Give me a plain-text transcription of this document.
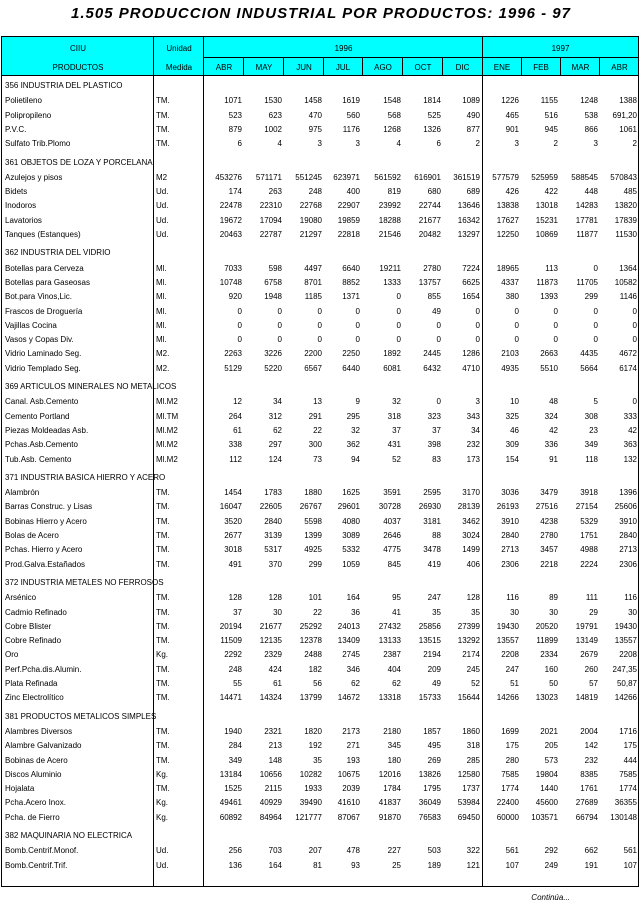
1.505 PRODUCCION INDUSTRIAL POR PRODUCTOS: 1996 - 97
CIIU
PRODUCTOS
Unidad
Medida
1996	1997
ABR	MAY	JUN	JUL	AGO	OCT	DIC	ENE	FEB	MAR	ABR
356 INDUSTRIA DEL PLASTICO
Polietileno	TM.	1071	1530	1458	1619	1548	1814	1089	1226	1155	1248	1388
Polipropileno	TM.	523	623	470	560	568	525	490	465	516	538	691,20
P.V.C.	TM.	879	1002	975	1176	1268	1326	877	901	945	866	1061
Sulfato Trib.Plomo	TM.	6	4	3	3	4	6	2	3	2	3	2
361 OBJETOS DE LOZA Y PORCELANA
Azulejos y pisos	M2	453276	571171	551245	623971	561592	616901	361519	577579	525959	588545	570843
Bidets	Ud.	174	263	248	400	819	680	689	426	422	448	485
Inodoros	Ud.	22478	22310	22768	22907	23992	22744	13646	13838	13018	14283	13820
Lavatorios	Ud.	19672	17094	19080	19859	18288	21677	16342	17627	15231	17781	17839
Tanques (Estanques)	Ud.	20463	22787	21297	22818	21546	20482	13297	12250	10869	11877	11530
362 INDUSTRIA DEL VIDRIO
Botellas para Cerveza	Ml.	7033	598	4497	6640	19211	2780	7224	18965	113	0	1364
Botellas para Gaseosas	Ml.	10748	6758	8701	8852	1333	13757	6625	4337	11873	11705	10582
Bot.para Vinos,Lic.	Ml.	920	1948	1185	1371	0	855	1654	380	1393	299	1146
Frascos de Droguería	Ml.	0	0	0	0	0	49	0	0	0	0	0
Vajillas Cocina	Ml.	0	0	0	0	0	0	0	0	0	0	0
Vasos y Copas Div.	Ml.	0	0	0	0	0	0	0	0	0	0	0
Vidrio Laminado Seg.	M2.	2263	3226	2200	2250	1892	2445	1286	2103	2663	4435	4672
Vidrio Templado Seg.	M2.	5129	5220	6567	6440	6081	6432	4710	4935	5510	5664	6174
369 ARTICULOS MINERALES NO METALICOS
Canal. Asb.Cemento	Ml.M2	12	34	13	9	32	0	3	10	48	5	0
Cemento Portland	Ml.TM	264	312	291	295	318	323	343	325	324	308	333
Piezas Moldeadas Asb.	Ml.M2	61	62	22	32	37	37	34	46	42	23	42
Pchas.Asb.Cemento	Ml.M2	338	297	300	362	431	398	232	309	336	349	363
Tub.Asb. Cemento	Ml.M2	112	124	73	94	52	83	173	154	91	118	132
371 INDUSTRIA BASICA HIERRO Y ACERO
Alambrón	TM.	1454	1783	1880	1625	3591	2595	3170	3036	3479	3918	1396
Barras Construc. y Lisas	TM.	16047	22605	26767	29601	30728	26930	28139	26193	27516	27154	25606
Bobinas Hierro y Acero	TM.	3520	2840	5598	4080	4037	3181	3462	3910	4238	5329	3910
Bolas de Acero	TM.	2677	3139	1399	3089	2646	88	3024	2840	2780	1751	2840
Pchas. Hierro y Acero	TM.	3018	5317	4925	5332	4775	3478	1499	2713	3457	4988	2713
Prod.Galva.Estañados	TM.	491	370	299	1059	845	419	406	2306	2218	2224	2306
372 INDUSTRIA METALES NO FERROSOS
Arsénico	TM.	128	128	101	164	95	247	128	116	89	111	116
Cadmio Refinado	TM.	37	30	22	36	41	35	35	30	30	29	30
Cobre Blister	TM.	20194	21677	25292	24013	27432	25856	27399	19430	20520	19791	19430
Cobre Refinado	TM.	11509	12135	12378	13409	13133	13515	13292	13557	11899	13149	13557
Oro	Kg.	2292	2329	2488	2745	2387	2194	2174	2208	2334	2679	2208
Perf.Pcha.dis.Alumin.	TM.	248	424	182	346	404	209	245	247	160	260	247,35
Plata Refinada	TM.	55	61	56	62	62	49	52	51	50	57	50,87
Zinc Electrolítico	TM.	14471	14324	13799	14672	13318	15733	15644	14266	13023	14819	14266
381 PRODUCTOS METALICOS SIMPLES
Alambres Diversos	TM.	1940	2321	1820	2173	2180	1857	1860	1699	2021	2004	1716
Alambre Galvanizado	TM.	284	213	192	271	345	495	318	175	205	142	175
Bobinas de Acero	TM.	349	148	35	193	180	269	285	280	573	232	444
Discos Aluminio	Kg.	13184	10656	10282	10675	12016	13826	12580	7585	19804	8385	7585
Hojalata	TM.	1525	2115	1933	2039	1784	1795	1737	1774	1440	1761	1774
Pcha.Acero Inox.	Kg.	49461	40929	39490	41610	41837	36049	53984	22400	45600	27689	36355
Pcha. de Fierro	Kg.	60892	84964	121777	87067	91870	76583	69450	60000	103571	66794	130148
382 MAQUINARIA NO ELECTRICA
Bomb.Centrif.Monof.	Ud.	256	703	207	478	227	503	322	561	292	662	561
Bomb.Centrif.Trif.	Ud.	136	164	81	93	25	189	121	107	249	191	107
Continúa...
